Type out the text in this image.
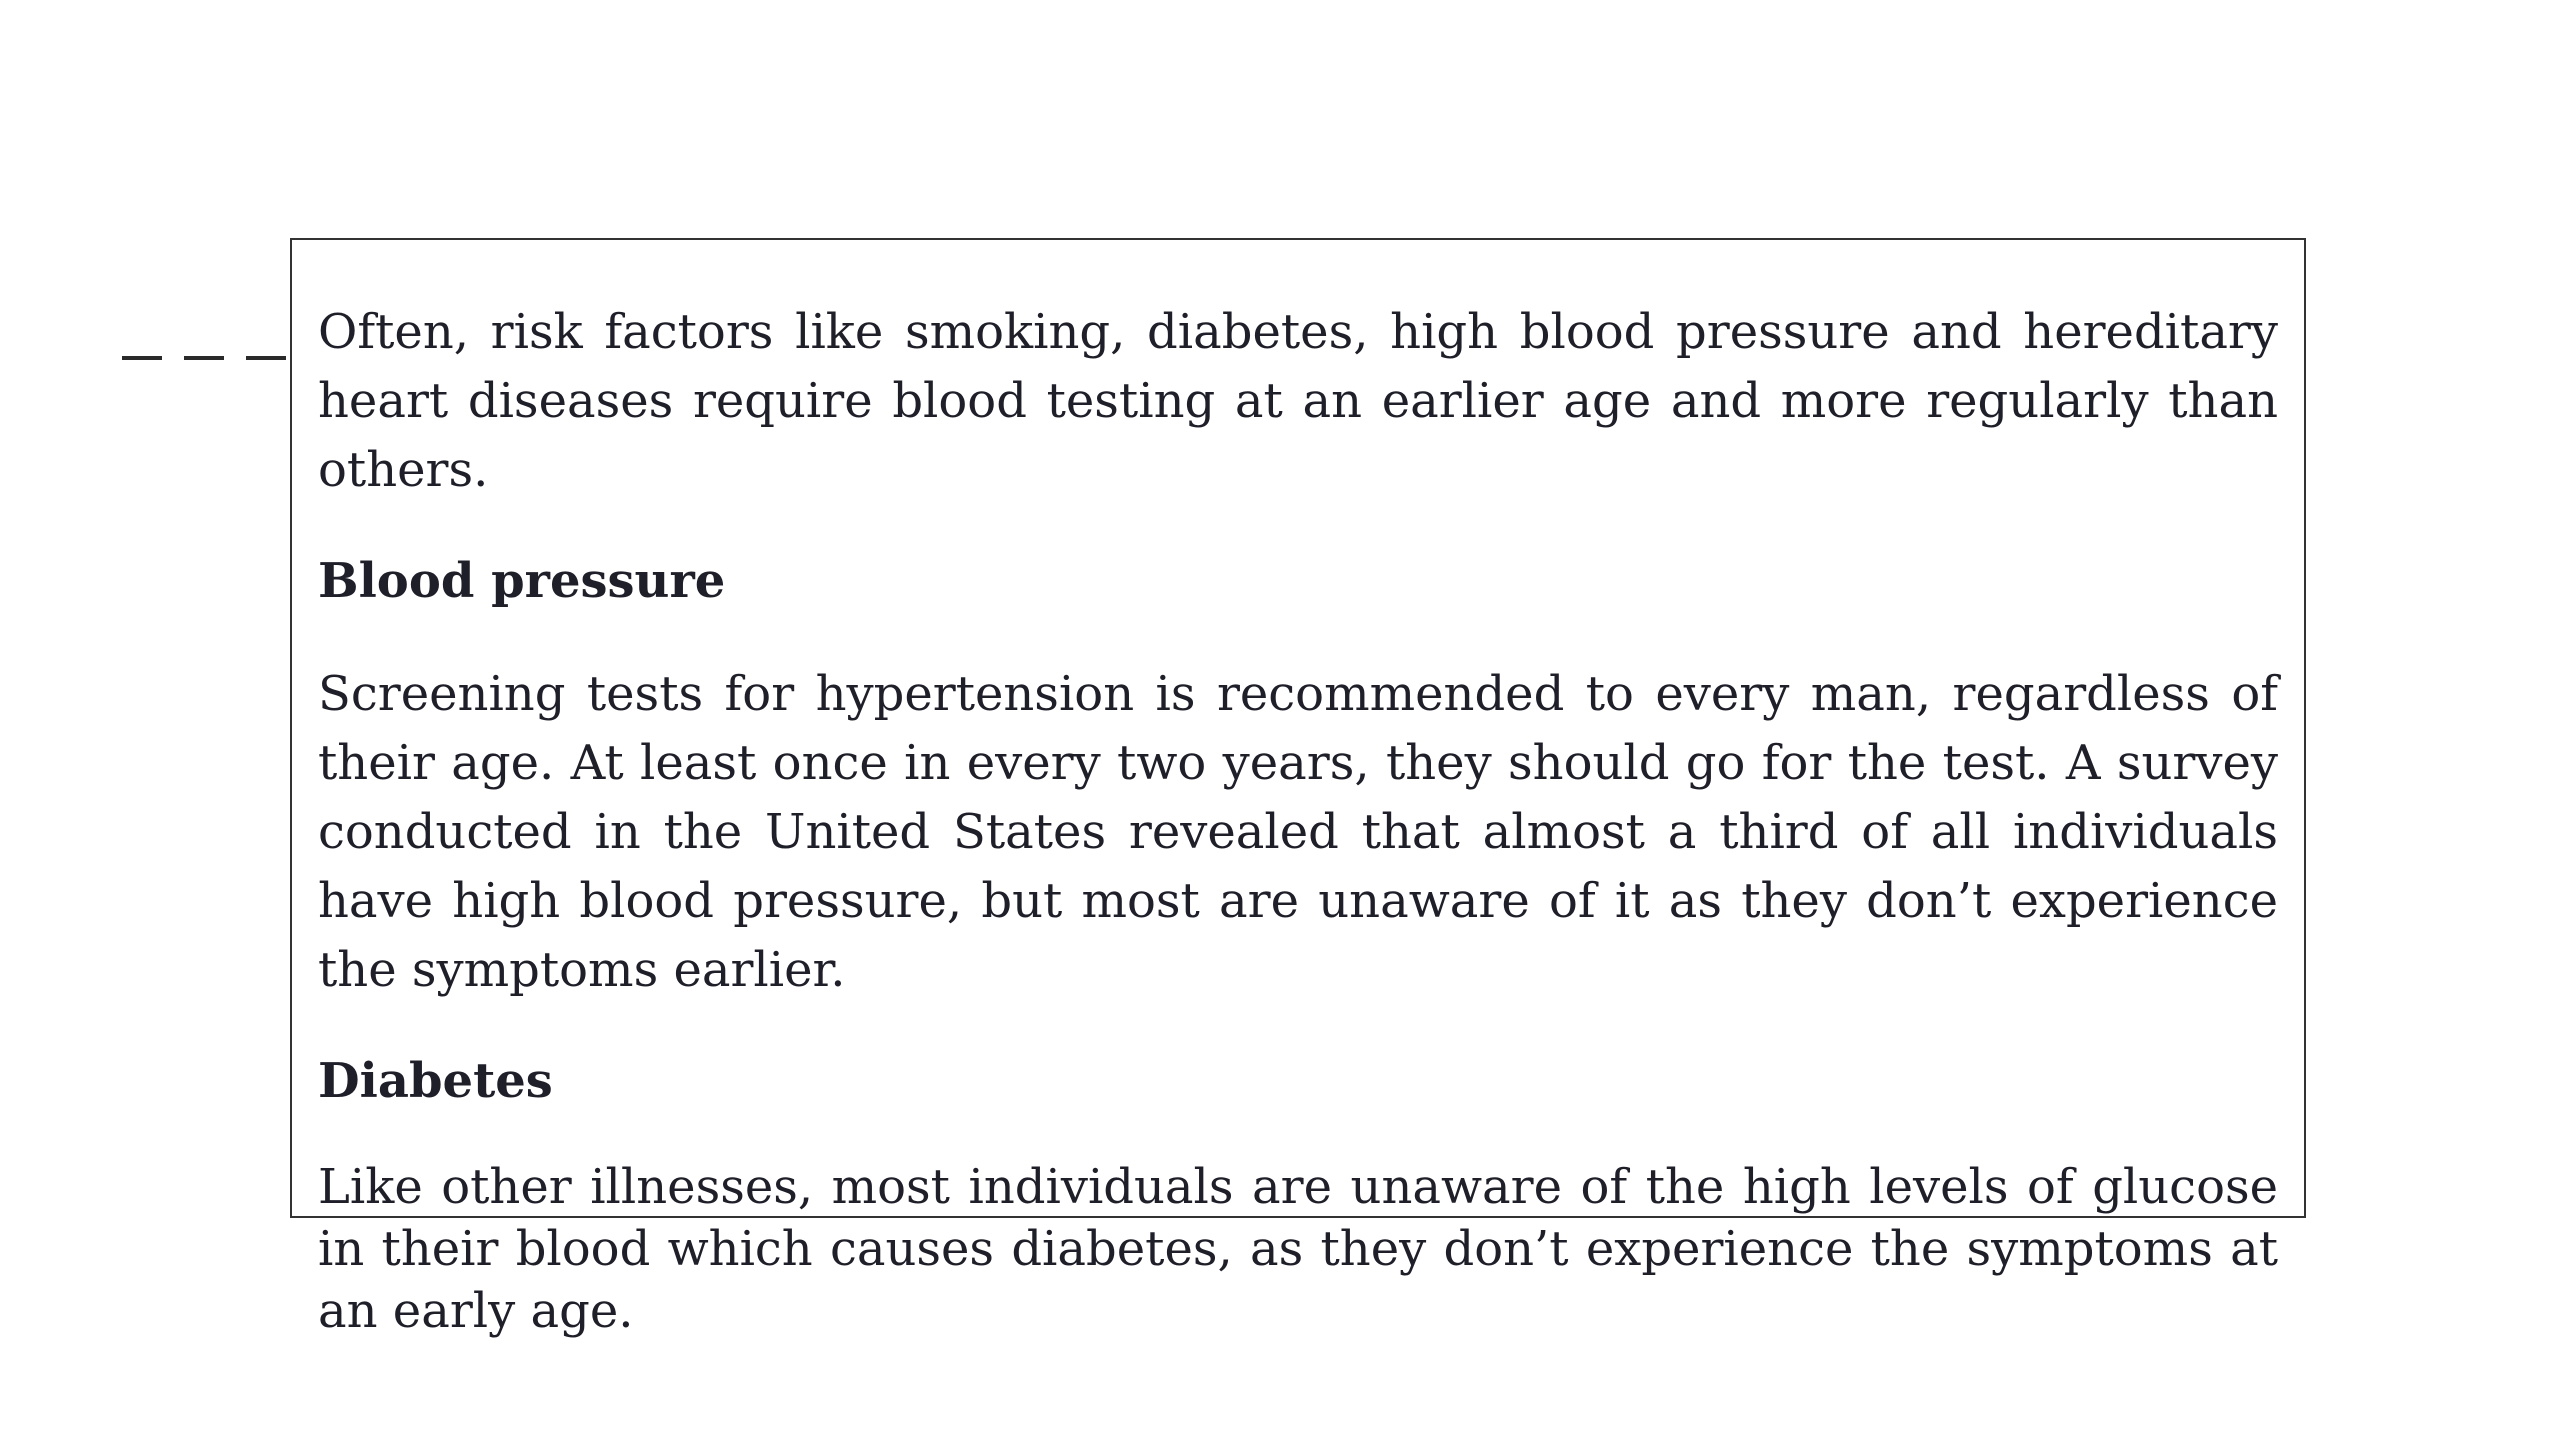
Often, risk factors like smoking, diabetes, high blood pressure and hereditary heart diseases require blood testing at an earlier age and more regularly than others.

Blood pressure

Screening tests for hypertension is recommended to every man, regardless of their age. At least once in every two years, they should go for the test. A survey conducted in the United States revealed that almost a third of all individuals have high blood pressure, but most are unaware of it as they don’t experience the symptoms earlier.

Diabetes

Like other illnesses, most individuals are unaware of the high levels of glucose in their blood which causes diabetes, as they don’t experience the symptoms at an early age.
